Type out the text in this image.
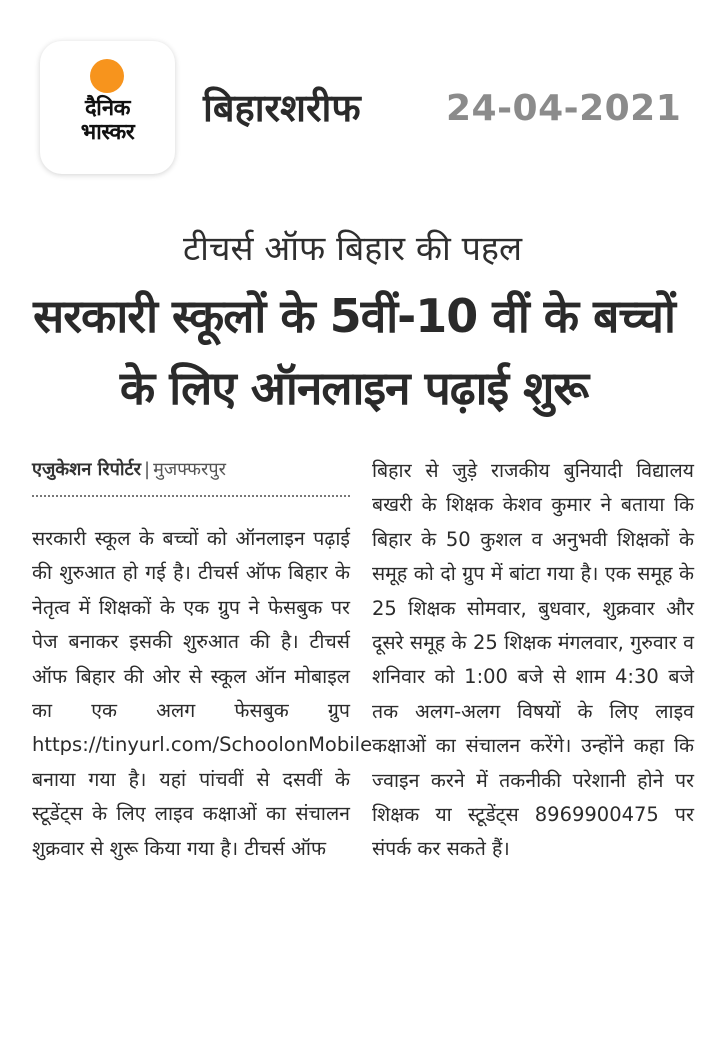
दैनिक
भास्कर
बिहारशरीफ 24-04-2021
टीचर्स ऑफ बिहार की पहल
सरकारी स्कूलों के 5वीं-10 वीं के बच्चों के लिए ऑनलाइन पढ़ाई शुरू
एजुकेशन रिपोर्टर | मुजफ्फरपुर

सरकारी स्कूल के बच्चों को ऑनलाइन पढ़ाई की शुरुआत हो गई है। टीचर्स ऑफ बिहार के नेतृत्व में शिक्षकों के एक ग्रुप ने फेसबुक पर पेज बनाकर इसकी शुरुआत की है। टीचर्स ऑफ बिहार की ओर से स्कूल ऑन मोबाइल का एक अलग फेसबुक ग्रुप https://tinyurl.com/SchoolonMobile बनाया गया है। यहां पांचवीं से दसवीं के स्टूडेंट्स के लिए लाइव कक्षाओं का संचालन शुक्रवार से शुरू किया गया है। टीचर्स ऑफ

बिहार से जुड़े राजकीय बुनियादी विद्यालय बखरी के शिक्षक केशव कुमार ने बताया कि बिहार के 50 कुशल व अनुभवी शिक्षकों के समूह को दो ग्रुप में बांटा गया है। एक समूह के 25 शिक्षक सोमवार, बुधवार, शुक्रवार और दूसरे समूह के 25 शिक्षक मंगलवार, गुरुवार व शनिवार को 1:00 बजे से शाम 4:30 बजे तक अलग-अलग विषयों के लिए लाइव कक्षाओं का संचालन करेंगे। उन्होंने कहा कि ज्वाइन करने में तकनीकी परेशानी होने पर शिक्षक या स्टूडेंट्स 8969900475 पर संपर्क कर सकते हैं।
